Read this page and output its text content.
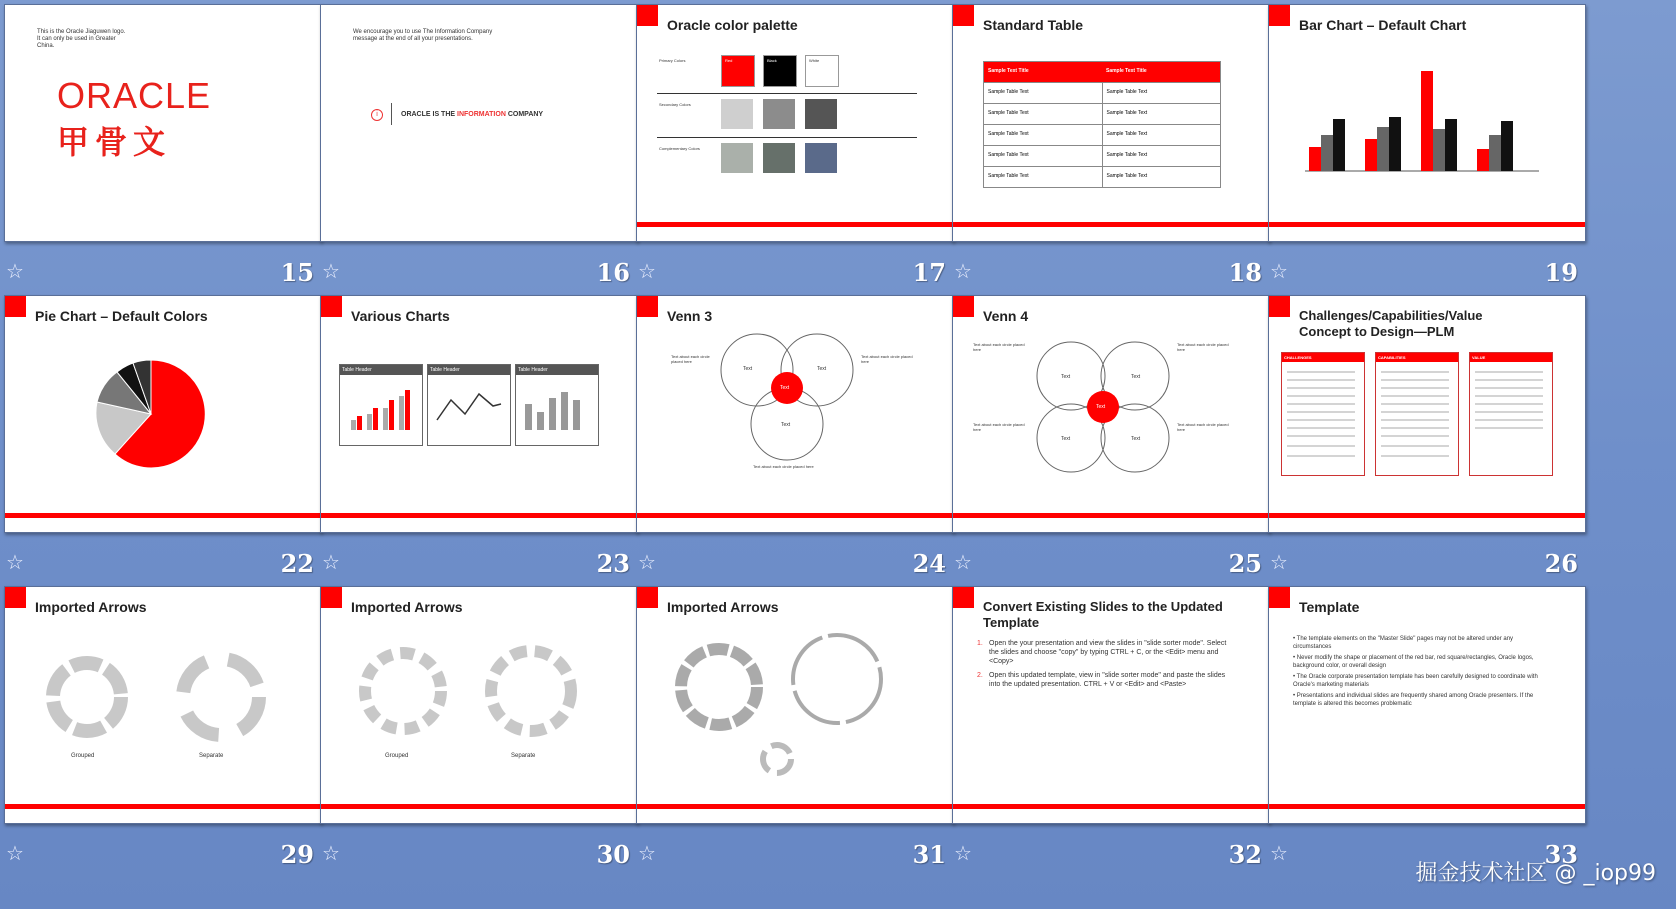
This is the Oracle Jiaguwen logo. It can only be used in Greater China.
ORACLE
甲骨文
☆	15
We encourage you to use The Information Company message at the end of all your presentations.
i	ORACLE IS THE INFORMATION COMPANY
☆	16
Oracle color palette
Primary Colors
Secondary Colors
Complementary Colors
Red	Black	White
☆	17
Standard Table
Sample Text Title	Sample Text Title
Sample Table Text	Sample Table Text
Sample Table Text	Sample Table Text
Sample Table Text	Sample Table Text
Sample Table Text	Sample Table Text
Sample Table Text	Sample Table Text
☆	18
Bar Chart – Default Chart
☆	19
Pie Chart – Default Colors
☆	22
Various Charts
Table Header	Table Header	Table Header
☆	23
Venn 3
Text	Text
Text
Text
Text about each circle placed here
Text about each circle placed here
Text about each circle placed here
☆	24
Venn 4
Text	Text
Text	Text
Text
Text about each circle placed here
Text about each circle placed here
Text about each circle placed here
Text about each circle placed here
☆	25
Challenges/Capabilities/Value Concept to Design—PLM
CHALLENGES	CAPABILITIES	VALUE
☆	26
Imported Arrows
Grouped	Separate
☆	29
Imported Arrows
Grouped	Separate
☆	30
Imported Arrows
☆	31
Convert Existing Slides to the Updated Template
1. Open the your presentation and view the slides in "slide sorter mode". Select the slides and choose "copy" by typing CTRL + C, or the <Edit> menu and <Copy>
2. Open this updated template, view in "slide sorter mode" and paste the slides into the updated presentation. CTRL + V or <Edit> and <Paste>
☆	32
Template
• The template elements on the "Master Slide" pages may not be altered under any circumstances
• Never modify the shape or placement of the red bar, red square/rectangles, Oracle logos, background color, or overall design
• The Oracle corporate presentation template has been carefully designed to coordinate with Oracle's marketing materials
• Presentations and individual slides are frequently shared among Oracle presenters. If the template is altered this becomes problematic
☆	33
掘金技术社区 @ _iop99
